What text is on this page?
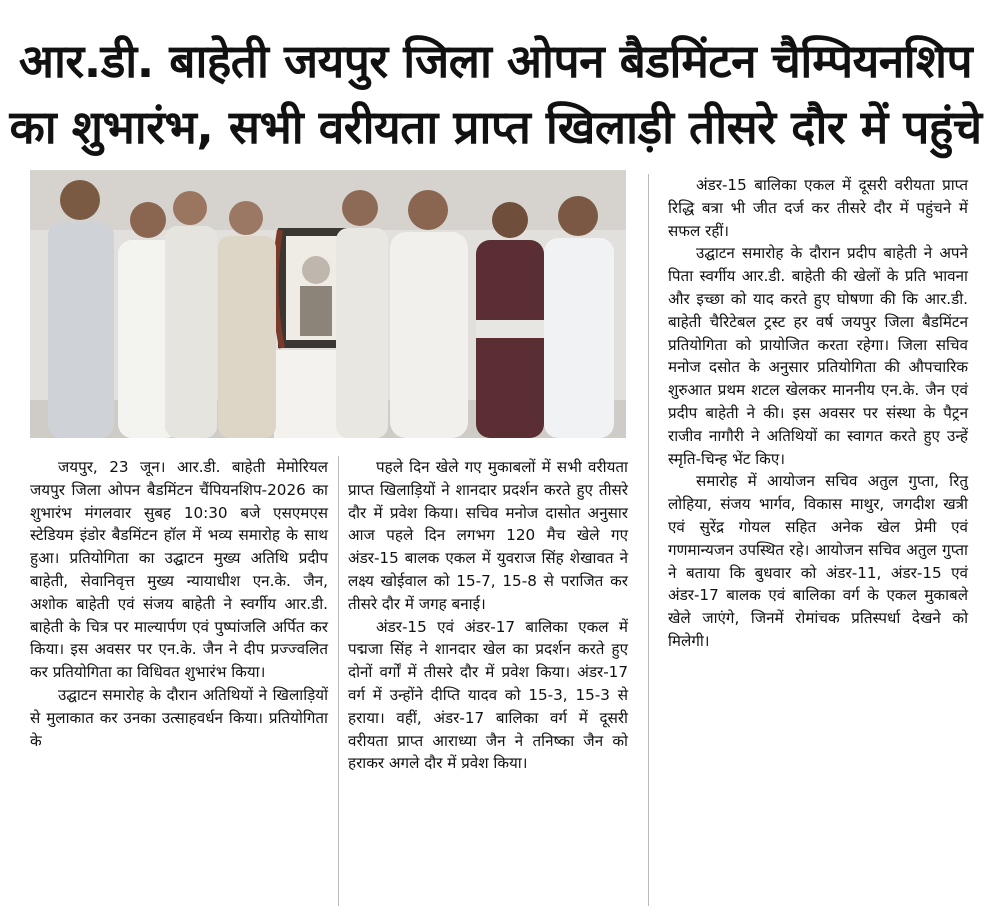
आर.डी. बाहेती जयपुर जिला ओपन बैडमिंटन चैम्पियनशिप
का शुभारंभ, सभी वरीयता प्राप्त खिलाड़ी तीसरे दौर में पहुंचे

जयपुर, 23 जून। आर.डी. बाहेती मेमोरियल जयपुर जिला ओपन बैडमिंटन चैंपियनशिप-2026 का शुभारंभ मंगलवार सुबह 10:30 बजे एसएमएस स्टेडियम इंडोर बैडमिंटन हॉल में भव्य समारोह के साथ हुआ। प्रतियोगिता का उद्घाटन मुख्य अतिथि प्रदीप बाहेती, सेवानिवृत्त मुख्य न्यायाधीश एन.के. जैन, अशोक बाहेती एवं संजय बाहेती ने स्वर्गीय आर.डी. बाहेती के चित्र पर माल्यार्पण एवं पुष्पांजलि अर्पित कर किया। इस अवसर पर एन.के. जैन ने दीप प्रज्ज्वलित कर प्रतियोगिता का विधिवत शुभारंभ किया।

उद्घाटन समारोह के दौरान अतिथियों ने खिलाड़ियों से मुलाकात कर उनका उत्साहवर्धन किया। प्रतियोगिता के

पहले दिन खेले गए मुकाबलों में सभी वरीयता प्राप्त खिलाड़ियों ने शानदार प्रदर्शन करते हुए तीसरे दौर में प्रवेश किया। सचिव मनोज दासोत अनुसार आज पहले दिन लगभग 120 मैच खेले गए अंडर-15 बालक एकल में युवराज सिंह शेखावत ने लक्ष्य खोईवाल को 15-7, 15-8 से पराजित कर तीसरे दौर में जगह बनाई।

अंडर-15 एवं अंडर-17 बालिका एकल में पद्मजा सिंह ने शानदार खेल का प्रदर्शन करते हुए दोनों वर्गों में तीसरे दौर में प्रवेश किया। अंडर-17 वर्ग में उन्होंने दीप्ति यादव को 15-3, 15-3 से हराया। वहीं, अंडर-17 बालिका वर्ग में दूसरी वरीयता प्राप्त आराध्या जैन ने तनिष्का जैन को हराकर अगले दौर में प्रवेश किया।

अंडर-15 बालिका एकल में दूसरी वरीयता प्राप्त रिद्धि बत्रा भी जीत दर्ज कर तीसरे दौर में पहुंचने में सफल रहीं।

उद्घाटन समारोह के दौरान प्रदीप बाहेती ने अपने पिता स्वर्गीय आर.डी. बाहेती की खेलों के प्रति भावना और इच्छा को याद करते हुए घोषणा की कि आर.डी. बाहेती चैरिटेबल ट्रस्ट हर वर्ष जयपुर जिला बैडमिंटन प्रतियोगिता को प्रायोजित करता रहेगा। जिला सचिव मनोज दसोत के अनुसार प्रतियोगिता की औपचारिक शुरुआत प्रथम शटल खेलकर माननीय एन.के. जैन एवं प्रदीप बाहेती ने की। इस अवसर पर संस्था के पैट्रन राजीव नागौरी ने अतिथियों का स्वागत करते हुए उन्हें स्मृति-चिन्ह भेंट किए।

समारोह में आयोजन सचिव अतुल गुप्ता, रितु लोहिया, संजय भार्गव, विकास माथुर, जगदीश खत्री एवं सुरेंद्र गोयल सहित अनेक खेल प्रेमी एवं गणमान्यजन उपस्थित रहे। आयोजन सचिव अतुल गुप्ता ने बताया कि बुधवार को अंडर-11, अंडर-15 एवं अंडर-17 बालक एवं बालिका वर्ग के एकल मुकाबले खेले जाएंगे, जिनमें रोमांचक प्रतिस्पर्धा देखने को मिलेगी।
